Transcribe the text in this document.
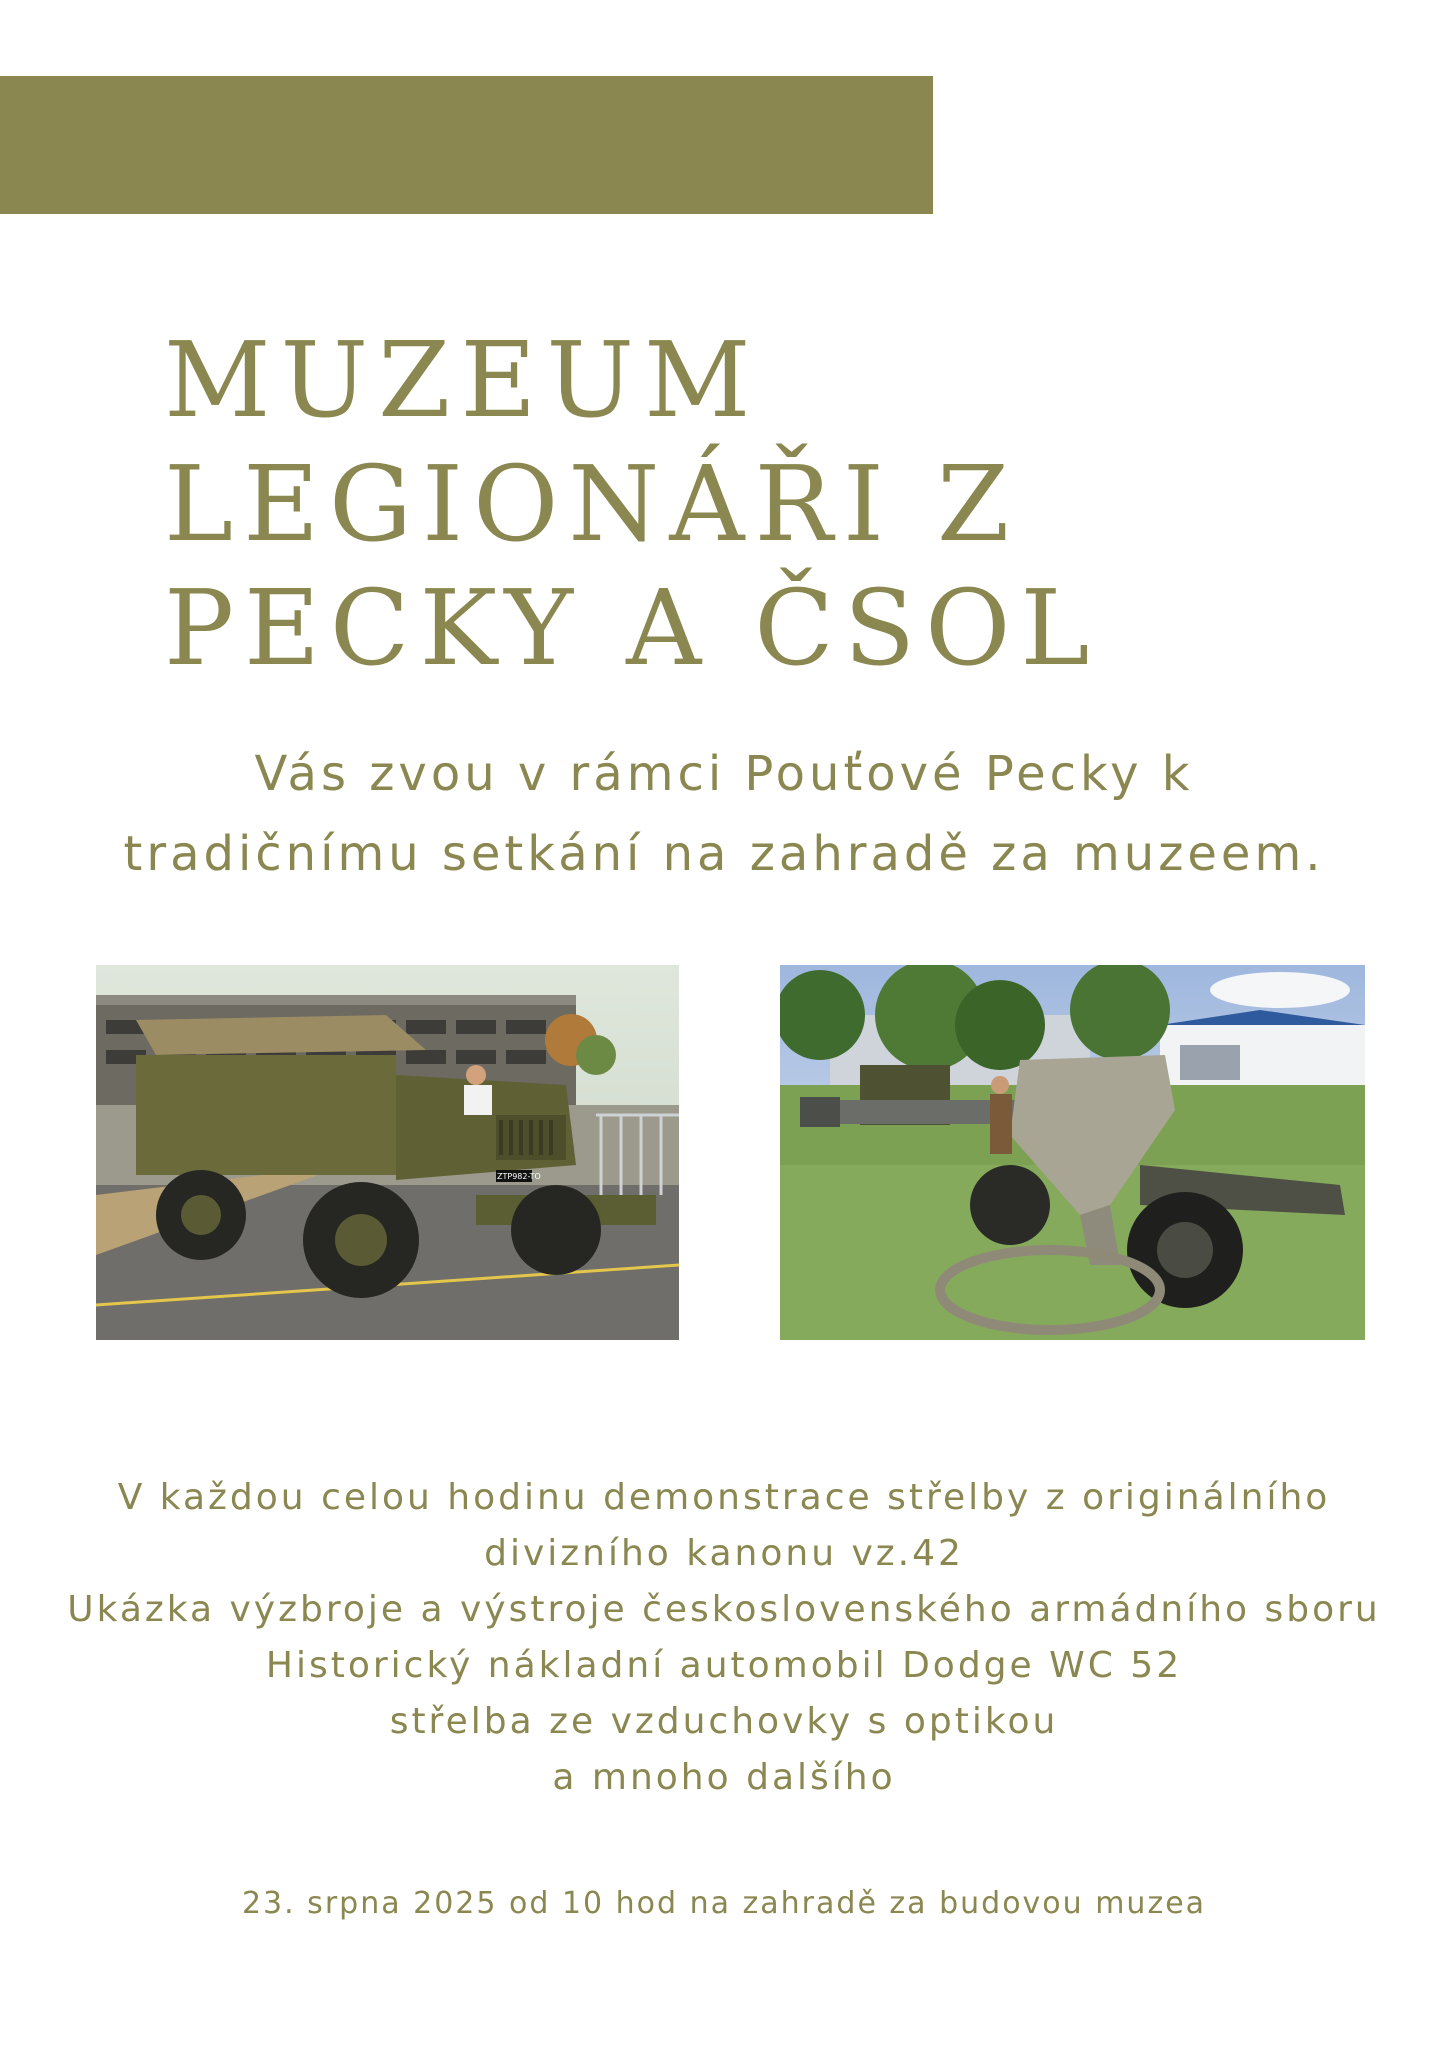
MUZEUM
LEGIONÁŘI Z
PECKY A ČSOL
Vás zvou v rámci Pouťové Pecky k
tradičnímu setkání na zahradě za muzeem.
ZTP982-TO
V každou celou hodinu demonstrace střelby z originálního
divizního kanonu vz.42
Ukázka výzbroje a výstroje československého armádního sboru
Historický nákladní automobil Dodge WC 52
střelba ze vzduchovky s optikou
a mnoho dalšího
23. srpna 2025 od 10 hod na zahradě za budovou muzea
